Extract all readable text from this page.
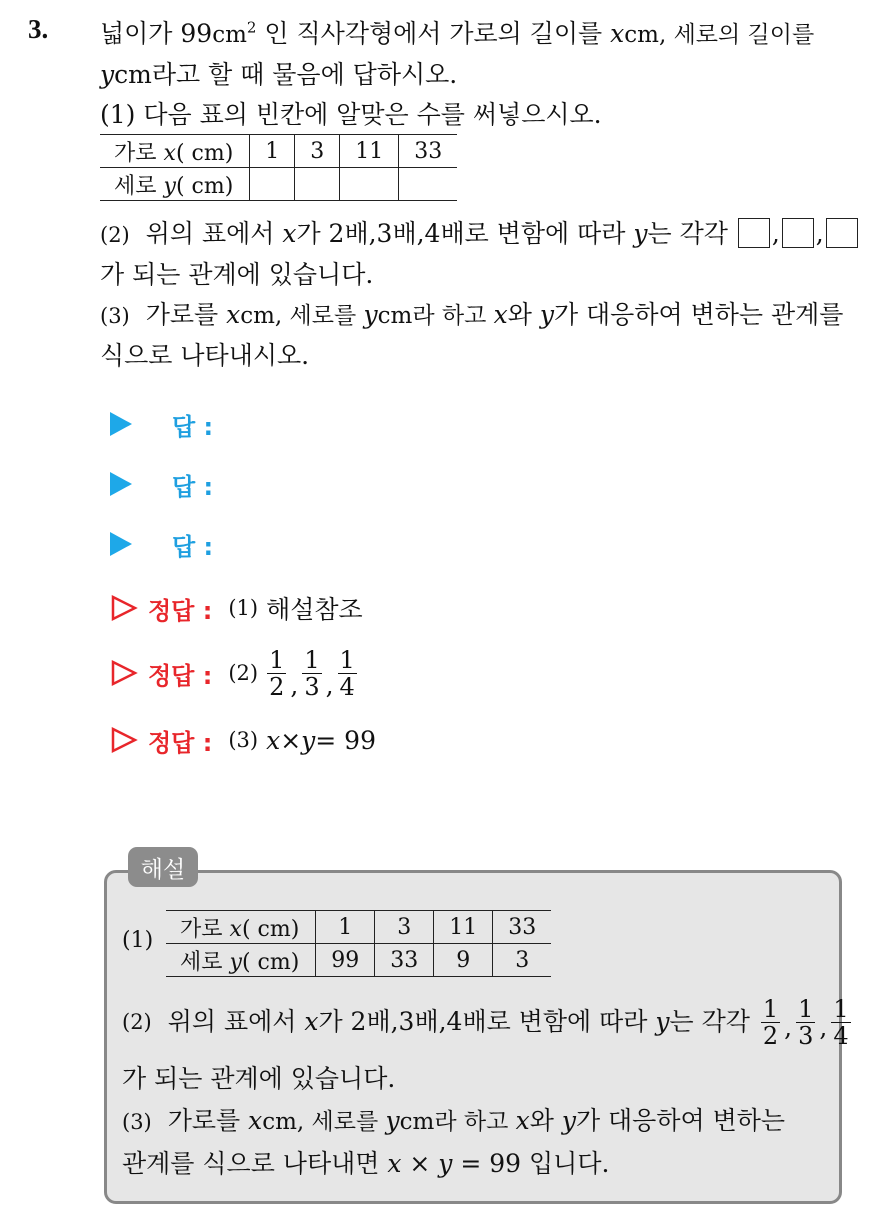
3. 넓이가 $99cm^2$ 인 직사각형에서 가로의 길이를 xcm, 세로의 길이를
ycm라고 할 때 물음에 답하시오.
(1) 다음 표의 빈칸에 알맞은 수를 써넣으시오.
가로 x( cm)	1	3	11	33
세로 y( cm)				
(2) 위의 표에서 x가 2배,3배,4배로 변함에 따라 y는 각각 , ,
가 되는 관계에 있습니다.
(3) 가로를 xcm, 세로를 ycm라 하고 x와 y가 대응하여 변하는 관계를
식으로 나타내시오.
답 :
답 :
답 :
정답 : (1) 해설참조
정답 : $(2) \frac{1}{2}$ , $\frac{1}{3}$ , $\frac{1}{4}$
정답 : (3) x × y = 99
해설
(1) 가로 x( cm)	1	3	11	33
세로 y( cm)	99	33	9	3
(2) 위의 표에서 x 가 2배,3배,4배로 변함에 따라 y 는 각각 $\frac{1}{2}$ , $\frac{1}{3}$ , $\frac{1}{4}$
가 되는 관계에 있습니다.
(3) 가로를 xcm, 세로를 ycm라 하고 x와 y가 대응하여 변하는
관계를 식으로 나타내면 x × y = 99 입니다.
